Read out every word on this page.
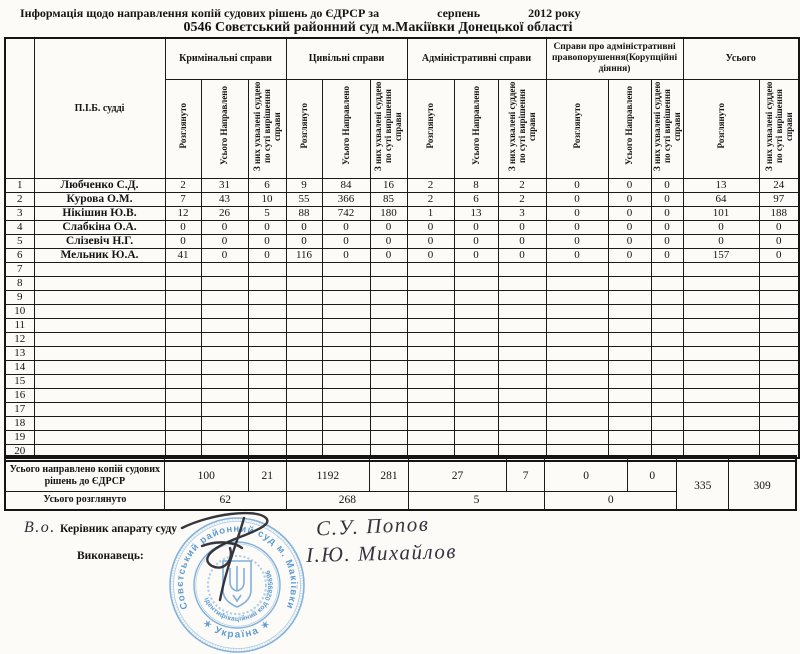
Інформація щодо направлення копій судових рішень до ЄДРСР за	серпень	2012 року
0546 Совєтський районний суд м.Макіївки Донецької області
	П.І.Б. судді	Кримінальні справи			Цивільні справи			Адміністративні справи			Справи про адміністративні правопорушення(Корупційні діяння)			Усього	
		Розглянуто	Усього Направлено	З них ухвалені суддею по суті вирішення справи	Розглянуто	Усього Направлено	З них ухвалені суддею по суті вирішення справи	Розглянуто	Усього Направлено	З них ухвалені суддею по суті вирішення справи	Розглянуто	Усього Направлено	З них ухвалені суддею по суті вирішення справи	Розглянуто	З них ухвалені суддею по суті вирішення справи
1	Любченко С.Д.	2	31	6	9	84	16	2	8	2	0	0	0	13	24
2	Курова О.М.	7	43	10	55	366	85	2	6	2	0	0	0	64	97
3	Нікішин Ю.В.	12	26	5	88	742	180	1	13	3	0	0	0	101	188
4	Слабкіна О.А.	0	0	0	0	0	0	0	0	0	0	0	0	0	0
5	Слізевіч Н.Г.	0	0	0	0	0	0	0	0	0	0	0	0	0	0
6	Мельник Ю.А.	41	0	0	116	0	0	0	0	0	0	0	0	157	0
7															
8															
9															
10															
11															
12															
13															
14															
15															
16															
17															
18															
19															
20															

Усього направлено копій судових рішень до ЄДРСР	100	21	1192	281	27	7	0	0	335	309
Усього розглянуто	62		268		5		0			
В.о. Керівник апарату суду
Виконавець:
С.У. Попов
І.Ю. Михайлов
Совєтський районний суд м. Макіївки
✶ Україна ✶
ідентифікаційний код 02895696
